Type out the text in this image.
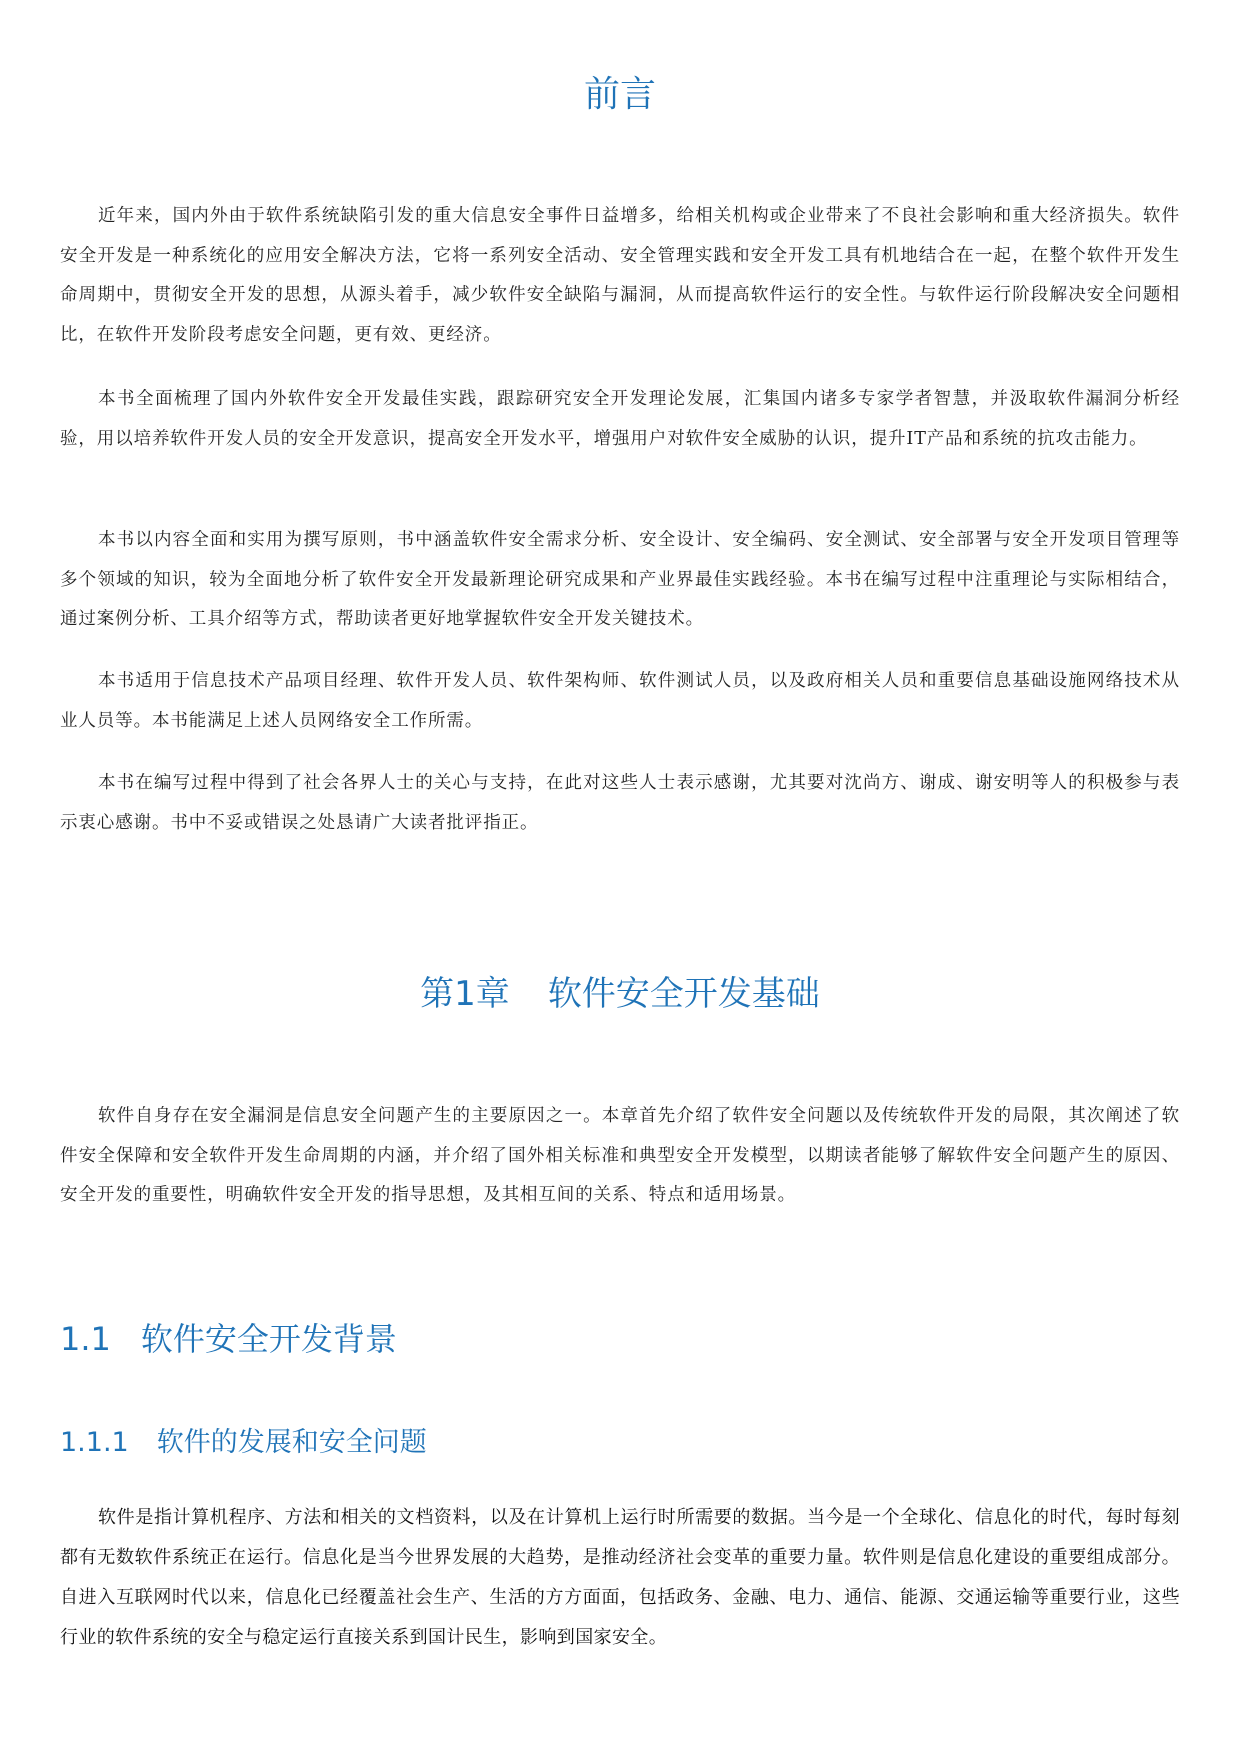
前言

近年来，国内外由于软件系统缺陷引发的重大信息安全事件日益增多，给相关机构或企业带来了不良社会影响和重大经济损失。软件安全开发是一种系统化的应用安全解决方法，它将一系列安全活动、安全管理实践和安全开发工具有机地结合在一起，在整个软件开发生命周期中，贯彻安全开发的思想，从源头着手，减少软件安全缺陷与漏洞，从而提高软件运行的安全性。与软件运行阶段解决安全问题相比，在软件开发阶段考虑安全问题，更有效、更经济。

本书全面梳理了国内外软件安全开发最佳实践，跟踪研究安全开发理论发展，汇集国内诸多专家学者智慧，并汲取软件漏洞分析经验，用以培养软件开发人员的安全开发意识，提高安全开发水平，增强用户对软件安全威胁的认识，提升IT产品和系统的抗攻击能力。

本书以内容全面和实用为撰写原则，书中涵盖软件安全需求分析、安全设计、安全编码、安全测试、安全部署与安全开发项目管理等多个领域的知识，较为全面地分析了软件安全开发最新理论研究成果和产业界最佳实践经验。本书在编写过程中注重理论与实际相结合，通过案例分析、工具介绍等方式，帮助读者更好地掌握软件安全开发关键技术。

本书适用于信息技术产品项目经理、软件开发人员、软件架构师、软件测试人员，以及政府相关人员和重要信息基础设施网络技术从业人员等。本书能满足上述人员网络安全工作所需。

本书在编写过程中得到了社会各界人士的关心与支持，在此对这些人士表示感谢，尤其要对沈尚方、谢成、谢安明等人的积极参与表示衷心感谢。书中不妥或错误之处恳请广大读者批评指正。

第1章 软件安全开发基础

软件自身存在安全漏洞是信息安全问题产生的主要原因之一。本章首先介绍了软件安全问题以及传统软件开发的局限，其次阐述了软件安全保障和安全软件开发生命周期的内涵，并介绍了国外相关标准和典型安全开发模型，以期读者能够了解软件安全问题产生的原因、安全开发的重要性，明确软件安全开发的指导思想，及其相互间的关系、特点和适用场景。

1.1 软件安全开发背景
1.1.1 软件的发展和安全问题

软件是指计算机程序、方法和相关的文档资料，以及在计算机上运行时所需要的数据。当今是一个全球化、信息化的时代，每时每刻都有无数软件系统正在运行。信息化是当今世界发展的大趋势，是推动经济社会变革的重要力量。软件则是信息化建设的重要组成部分。自进入互联网时代以来，信息化已经覆盖社会生产、生活的方方面面，包括政务、金融、电力、通信、能源、交通运输等重要行业，这些行业的软件系统的安全与稳定运行直接关系到国计民生，影响到国家安全。
